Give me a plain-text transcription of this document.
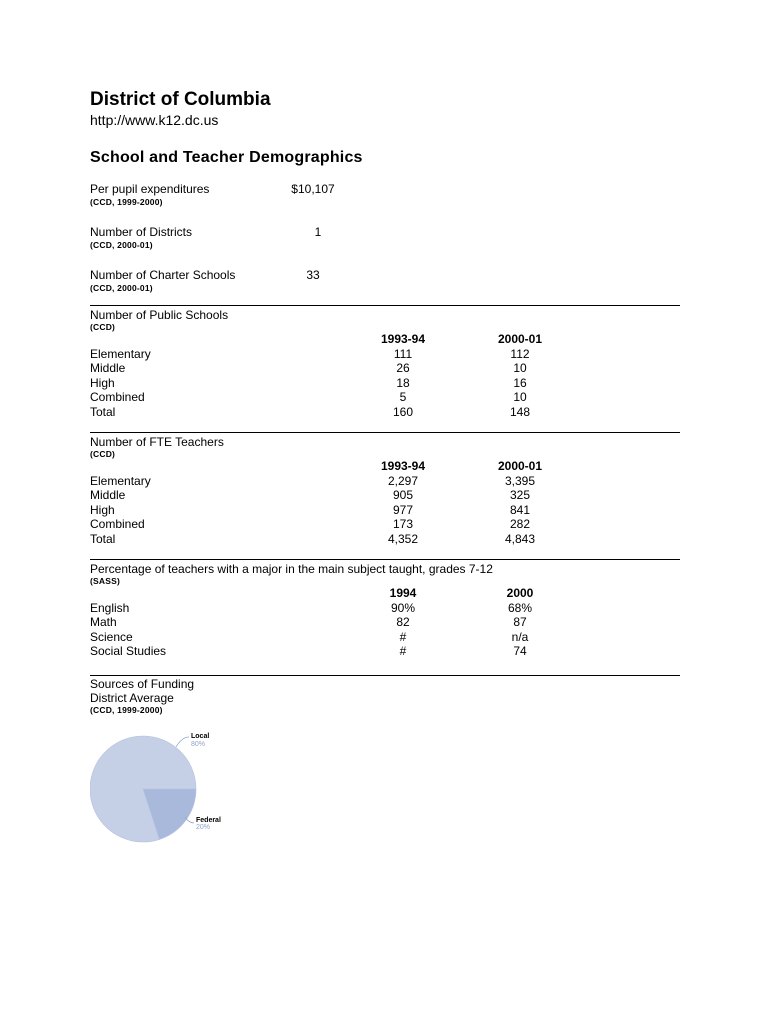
District of Columbia
http://www.k12.dc.us
School and Teacher Demographics
Per pupil expenditures
(CCD, 1999-2000)
$10,107
Number of Districts
(CCD, 2000-01)
1
Number of Charter Schools
(CCD, 2000-01)
33
Number of Public Schools
(CCD)
1993-94	2000-01
Elementary	111	112
Middle	26	10
High	18	16
Combined	5	10
Total	160	148
Number of FTE Teachers
(CCD)
1993-94	2000-01
Elementary	2,297	3,395
Middle	905	325
High	977	841
Combined	173	282
Total	4,352	4,843
Percentage of teachers with a major in the main subject taught, grades 7-12
(SASS)
1994	2000
English	90%	68%
Math	82	87
Science	#	n/a
Social Studies	#	74
Sources of Funding
District Average
(CCD, 1999-2000)
Local
80%
Federal
20%
